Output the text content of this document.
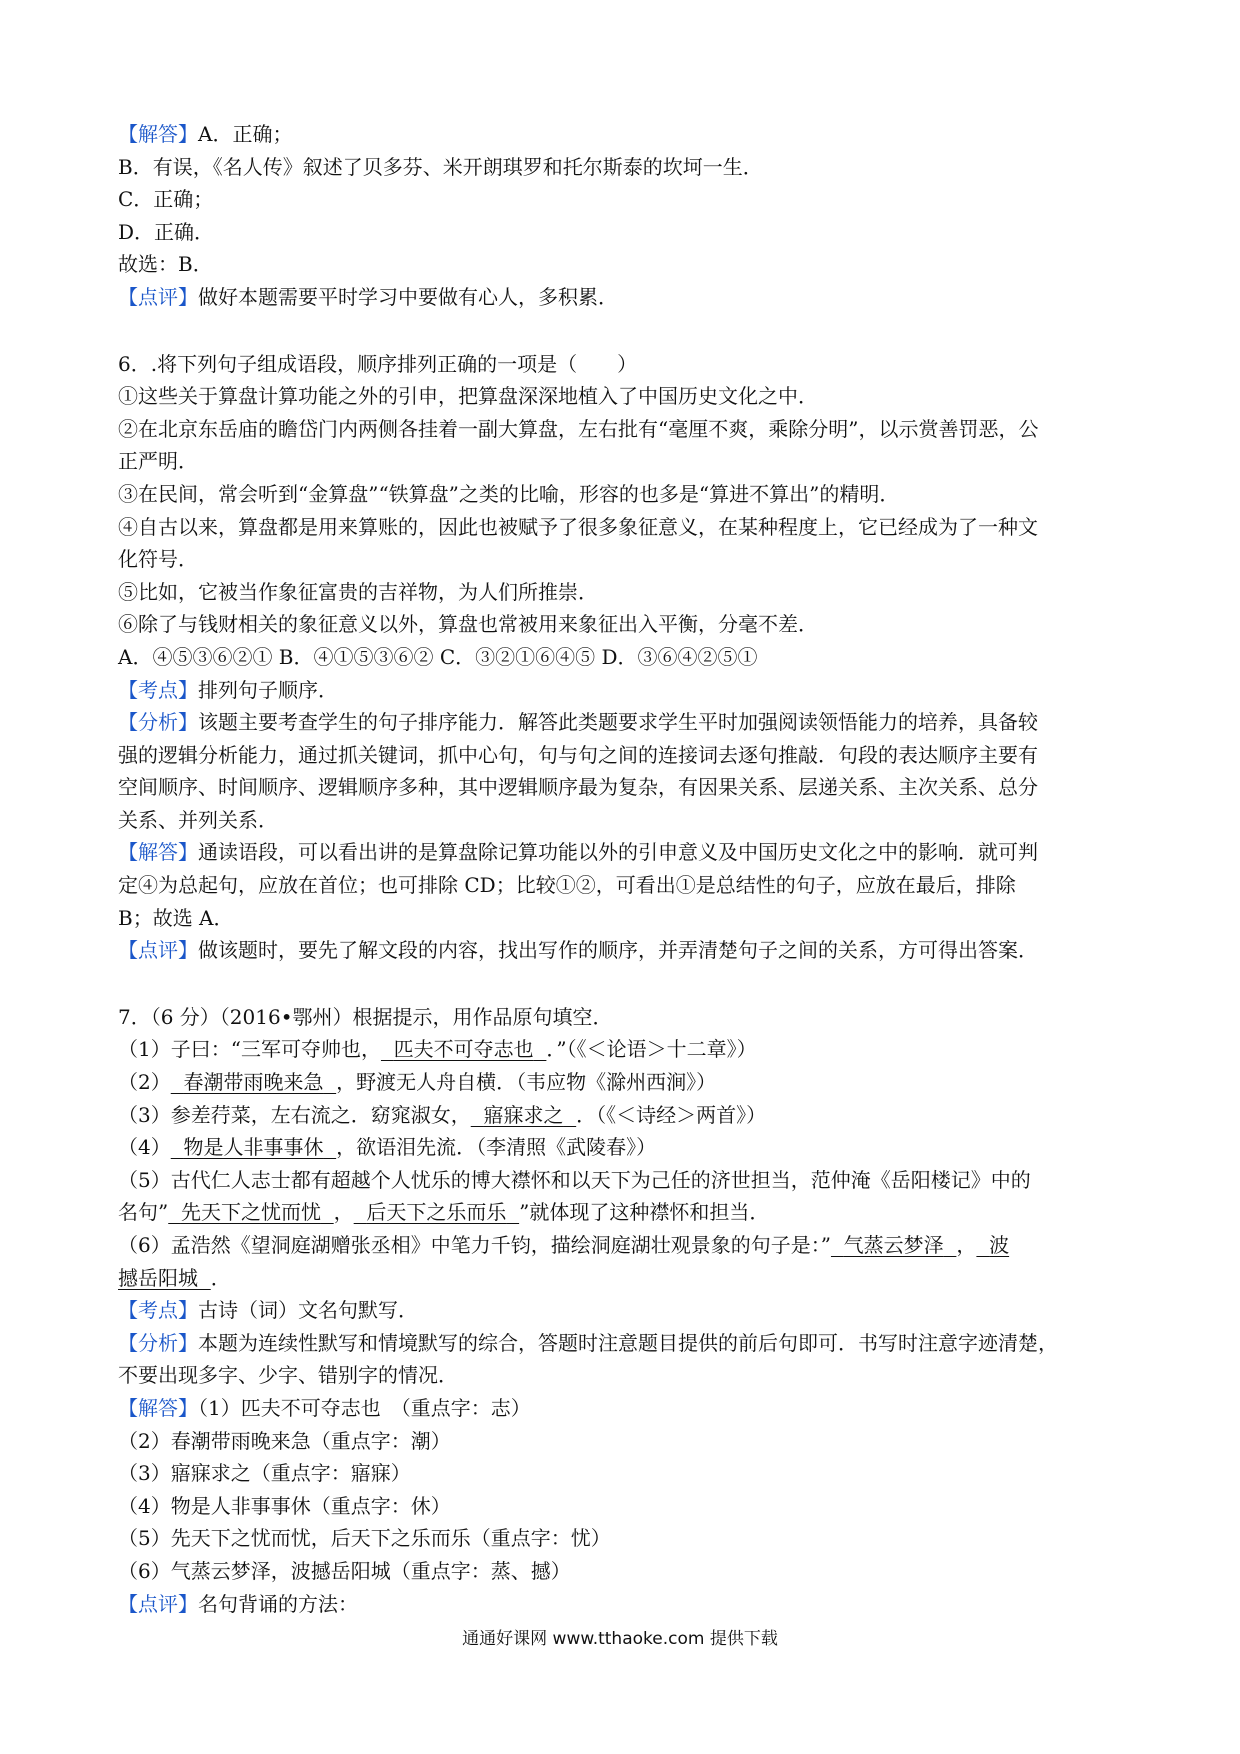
【解答】A．正确；

B．有误，《名人传》叙述了贝多芬、米开朗琪罗和托尔斯泰的坎坷一生．

C．正确；

D．正确．

故选：B．

【点评】做好本题需要平时学习中要做有心人，多积累．

6．.将下列句子组成语段，顺序排列正确的一项是（　　）

①这些关于算盘计算功能之外的引申，把算盘深深地植入了中国历史文化之中．

②在北京东岳庙的瞻岱门内两侧各挂着一副大算盘，左右批有“毫厘不爽，乘除分明”，以示赏善罚恶，公

正严明．

③在民间，常会听到“金算盘”“铁算盘”之类的比喻，形容的也多是“算进不算出”的精明．

④自古以来，算盘都是用来算账的，因此也被赋予了很多象征意义，在某种程度上，它已经成为了一种文

化符号．

⑤比如，它被当作象征富贵的吉祥物，为人们所推崇．

⑥除了与钱财相关的象征意义以外，算盘也常被用来象征出入平衡，分毫不差．

A．④⑤③⑥②① B．④①⑤③⑥② C．③②①⑥④⑤ D．③⑥④②⑤①

【考点】排列句子顺序．

【分析】该题主要考查学生的句子排序能力．解答此类题要求学生平时加强阅读领悟能力的培养，具备较

强的逻辑分析能力，通过抓关键词，抓中心句，句与句之间的连接词去逐句推敲．句段的表达顺序主要有

空间顺序、时间顺序、逻辑顺序多种，其中逻辑顺序最为复杂，有因果关系、层递关系、主次关系、总分

关系、并列关系．

【解答】通读语段，可以看出讲的是算盘除记算功能以外的引申意义及中国历史文化之中的影响．就可判

定④为总起句，应放在首位；也可排除 CD；比较①②，可看出①是总结性的句子，应放在最后，排除

B；故选 A．

【点评】做该题时，要先了解文段的内容，找出写作的顺序，并弄清楚句子之间的关系，方可得出答案．

7．（6 分）（2016•鄂州）根据提示，用作品原句填空．

（1）子曰：“三军可夺帅也， 匹夫不可夺志也 ．”（《＜论语＞十二章》）

（2） 春潮带雨晚来急 ，野渡无人舟自横．（韦应物《滁州西涧》）

（3）参差荇菜，左右流之．窈窕淑女， 寤寐求之 ．（《＜诗经＞两首》）

（4） 物是人非事事休 ，欲语泪先流．（李清照《武陵春》）

（5）古代仁人志士都有超越个人忧乐的博大襟怀和以天下为己任的济世担当，范仲淹《岳阳楼记》中的

名句” 先天下之忧而忧 ， 后天下之乐而乐 ”就体现了这种襟怀和担当．

（6）孟浩然《望洞庭湖赠张丞相》中笔力千钧，描绘洞庭湖壮观景象的句子是：” 气蒸云梦泽 ， 波

撼岳阳城 ．

【考点】古诗（词）文名句默写．

【分析】本题为连续性默写和情境默写的综合，答题时注意题目提供的前后句即可．书写时注意字迹清楚，

不要出现多字、少字、错别字的情况．

【解答】（1）匹夫不可夺志也　（重点字：志）

（2）春潮带雨晚来急（重点字：潮）

（3）寤寐求之（重点字：寤寐）

（4）物是人非事事休（重点字：休）

（5）先天下之忧而忧，后天下之乐而乐（重点字：忧）

（6）气蒸云梦泽，波撼岳阳城（重点字：蒸、撼）

【点评】名句背诵的方法：

通通好课网 www.tthaoke.com 提供下载
